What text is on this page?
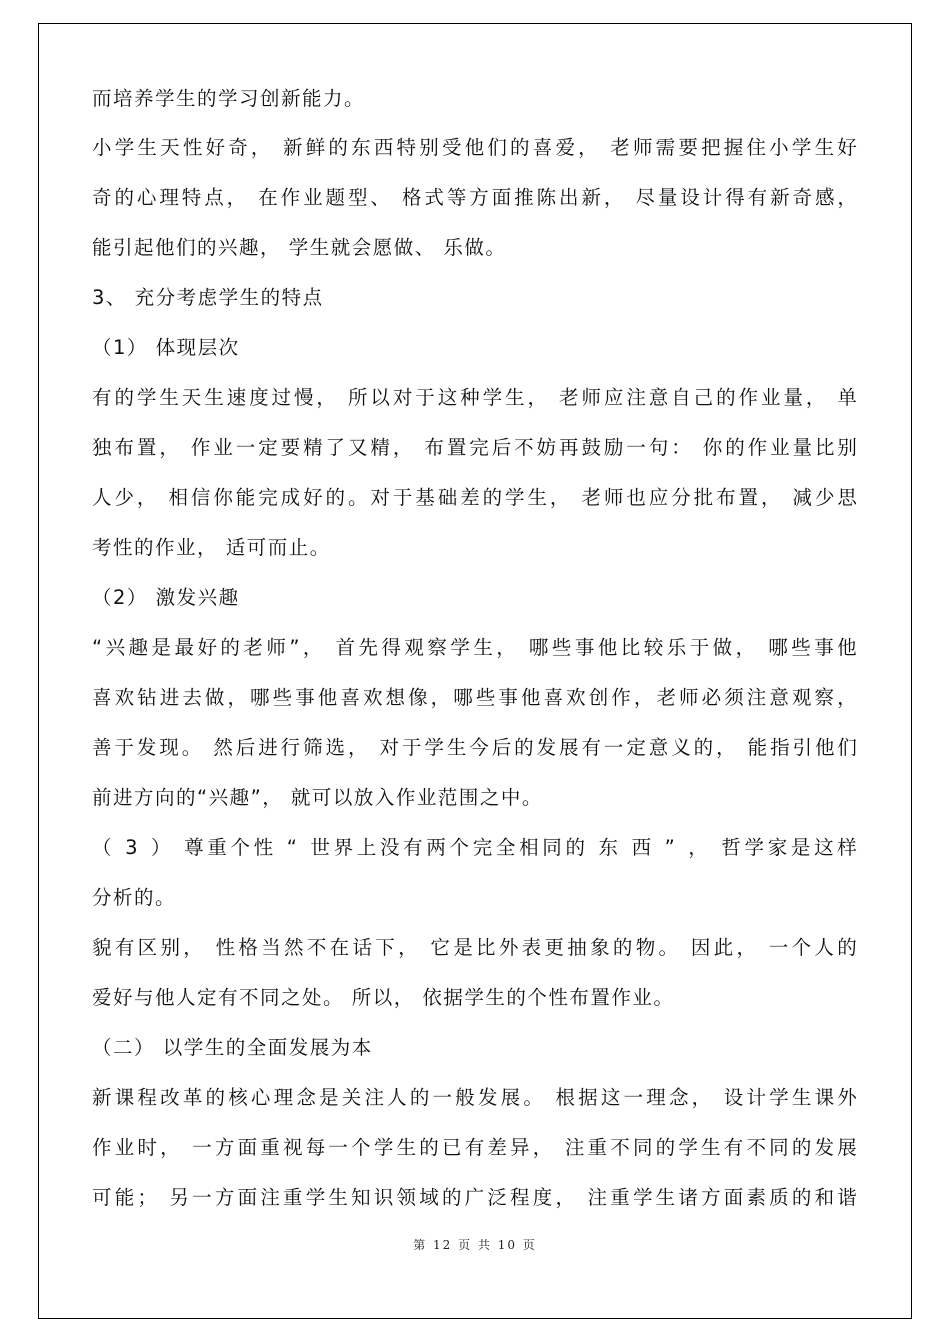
而培养学生的学习创新能力。
小 学 生 天 性 好 奇 ，
新 鲜 的 东 西 特 别 受 他 们 的 喜 爱 ，
老 师 需 要 把 握 住 小 学 生 好
奇 的 心 理 特 点 ，
在 作 业 题 型 、
格 式 等 方 面 推 陈 出 新 ，
尽 量 设 计 得 有 新 奇 感 ，
能引起他们的兴趣， 学生就会愿做、 乐做。
3、 充分考虑学生的特点
（1） 体现层次
有 的 学 生 天 生 速 度 过 慢 ，
所 以 对 于 这 种 学 生 ，
老 师 应 注 意 自 己 的 作 业 量 ，
单
独 布 置 ，
作 业 一 定 要 精 了 又 精 ，
布 置 完 后 不 妨 再 鼓 励 一 句 ：
你 的 作 业 量 比 别
人 少 ，
相 信 你 能 完 成 好 的 。 对 于 基 础 差 的 学 生 ，
老 师 也 应 分 批 布 置 ，
减 少 思
考性的作业， 适可而止。
（2） 激发兴趣
“ 兴 趣 是 最 好 的 老 师 ” ，
首 先 得 观 察 学 生 ，
哪 些 事 他 比 较 乐 于 做 ，
哪 些 事 他
喜 欢 钻 进 去 做 ， 哪 些 事 他 喜 欢 想 像 ， 哪 些 事 他 喜 欢 创 作 ， 老 师 必 须 注 意 观 察 ，
善 于 发 现 。
然 后 进 行 筛 选 ，
对 于 学 生 今 后 的 发 展 有 一 定 意 义 的 ，
能 指 引 他 们
前进方向的“兴趣”， 就可以放入作业范围之中。
（
3
）
尊 重 个 性
“
世 界 上 没 有 两 个 完 全 相 同 的
东
西
”
，
哲 学 家 是 这 样
分析的。
貌 有 区 别 ，
性 格 当 然 不 在 话 下 ，
它 是 比 外 表 更 抽 象 的 物 。
因 此 ，
一 个 人 的
爱好与他人定有不同之处。 所以， 依据学生的个性布置作业。
（二） 以学生的全面发展为本
新 课 程 改 革 的 核 心 理 念 是 关 注 人 的 一 般 发 展 。
根 据 这 一 理 念 ，
设 计 学 生 课 外
作 业 时 ，
一 方 面 重 视 每 一 个 学 生 的 已 有 差 异 ，
注 重 不 同 的 学 生 有 不 同 的 发 展
可 能 ；
另 一 方 面 注 重 学 生 知 识 领 域 的 广 泛 程 度 ，
注 重 学 生 诸 方 面 素 质 的 和 谐
第 12 页 共 10 页
